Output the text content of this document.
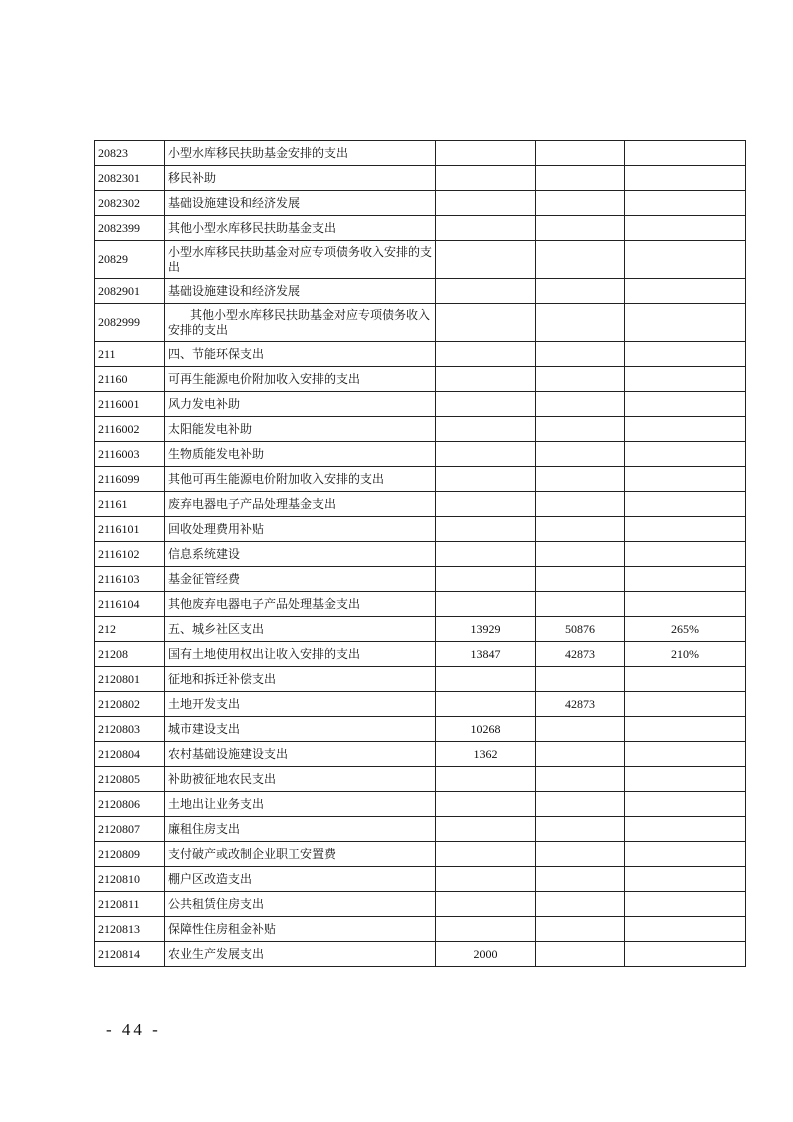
20823	小型水库移民扶助基金安排的支出			
2082301	移民补助			
2082302	基础设施建设和经济发展			
2082399	其他小型水库移民扶助基金支出			
20829	小型水库移民扶助基金对应专项债务收入安排的支出			
2082901	基础设施建设和经济发展			
2082999	其他小型水库移民扶助基金对应专项债务收入安排的支出			
211	四、节能环保支出			
21160	可再生能源电价附加收入安排的支出			
2116001	风力发电补助			
2116002	太阳能发电补助			
2116003	生物质能发电补助			
2116099	其他可再生能源电价附加收入安排的支出			
21161	废弃电器电子产品处理基金支出			
2116101	回收处理费用补贴			
2116102	信息系统建设			
2116103	基金征管经费			
2116104	其他废弃电器电子产品处理基金支出			
212	五、城乡社区支出	13929	50876	265%
21208	国有土地使用权出让收入安排的支出	13847	42873	210%
2120801	征地和拆迁补偿支出			
2120802	土地开发支出		42873	
2120803	城市建设支出	10268		
2120804	农村基础设施建设支出	1362		
2120805	补助被征地农民支出			
2120806	土地出让业务支出			
2120807	廉租住房支出			
2120809	支付破产或改制企业职工安置费			
2120810	棚户区改造支出			
2120811	公共租赁住房支出			
2120813	保障性住房租金补贴			
2120814	农业生产发展支出	2000		
- 44 -
